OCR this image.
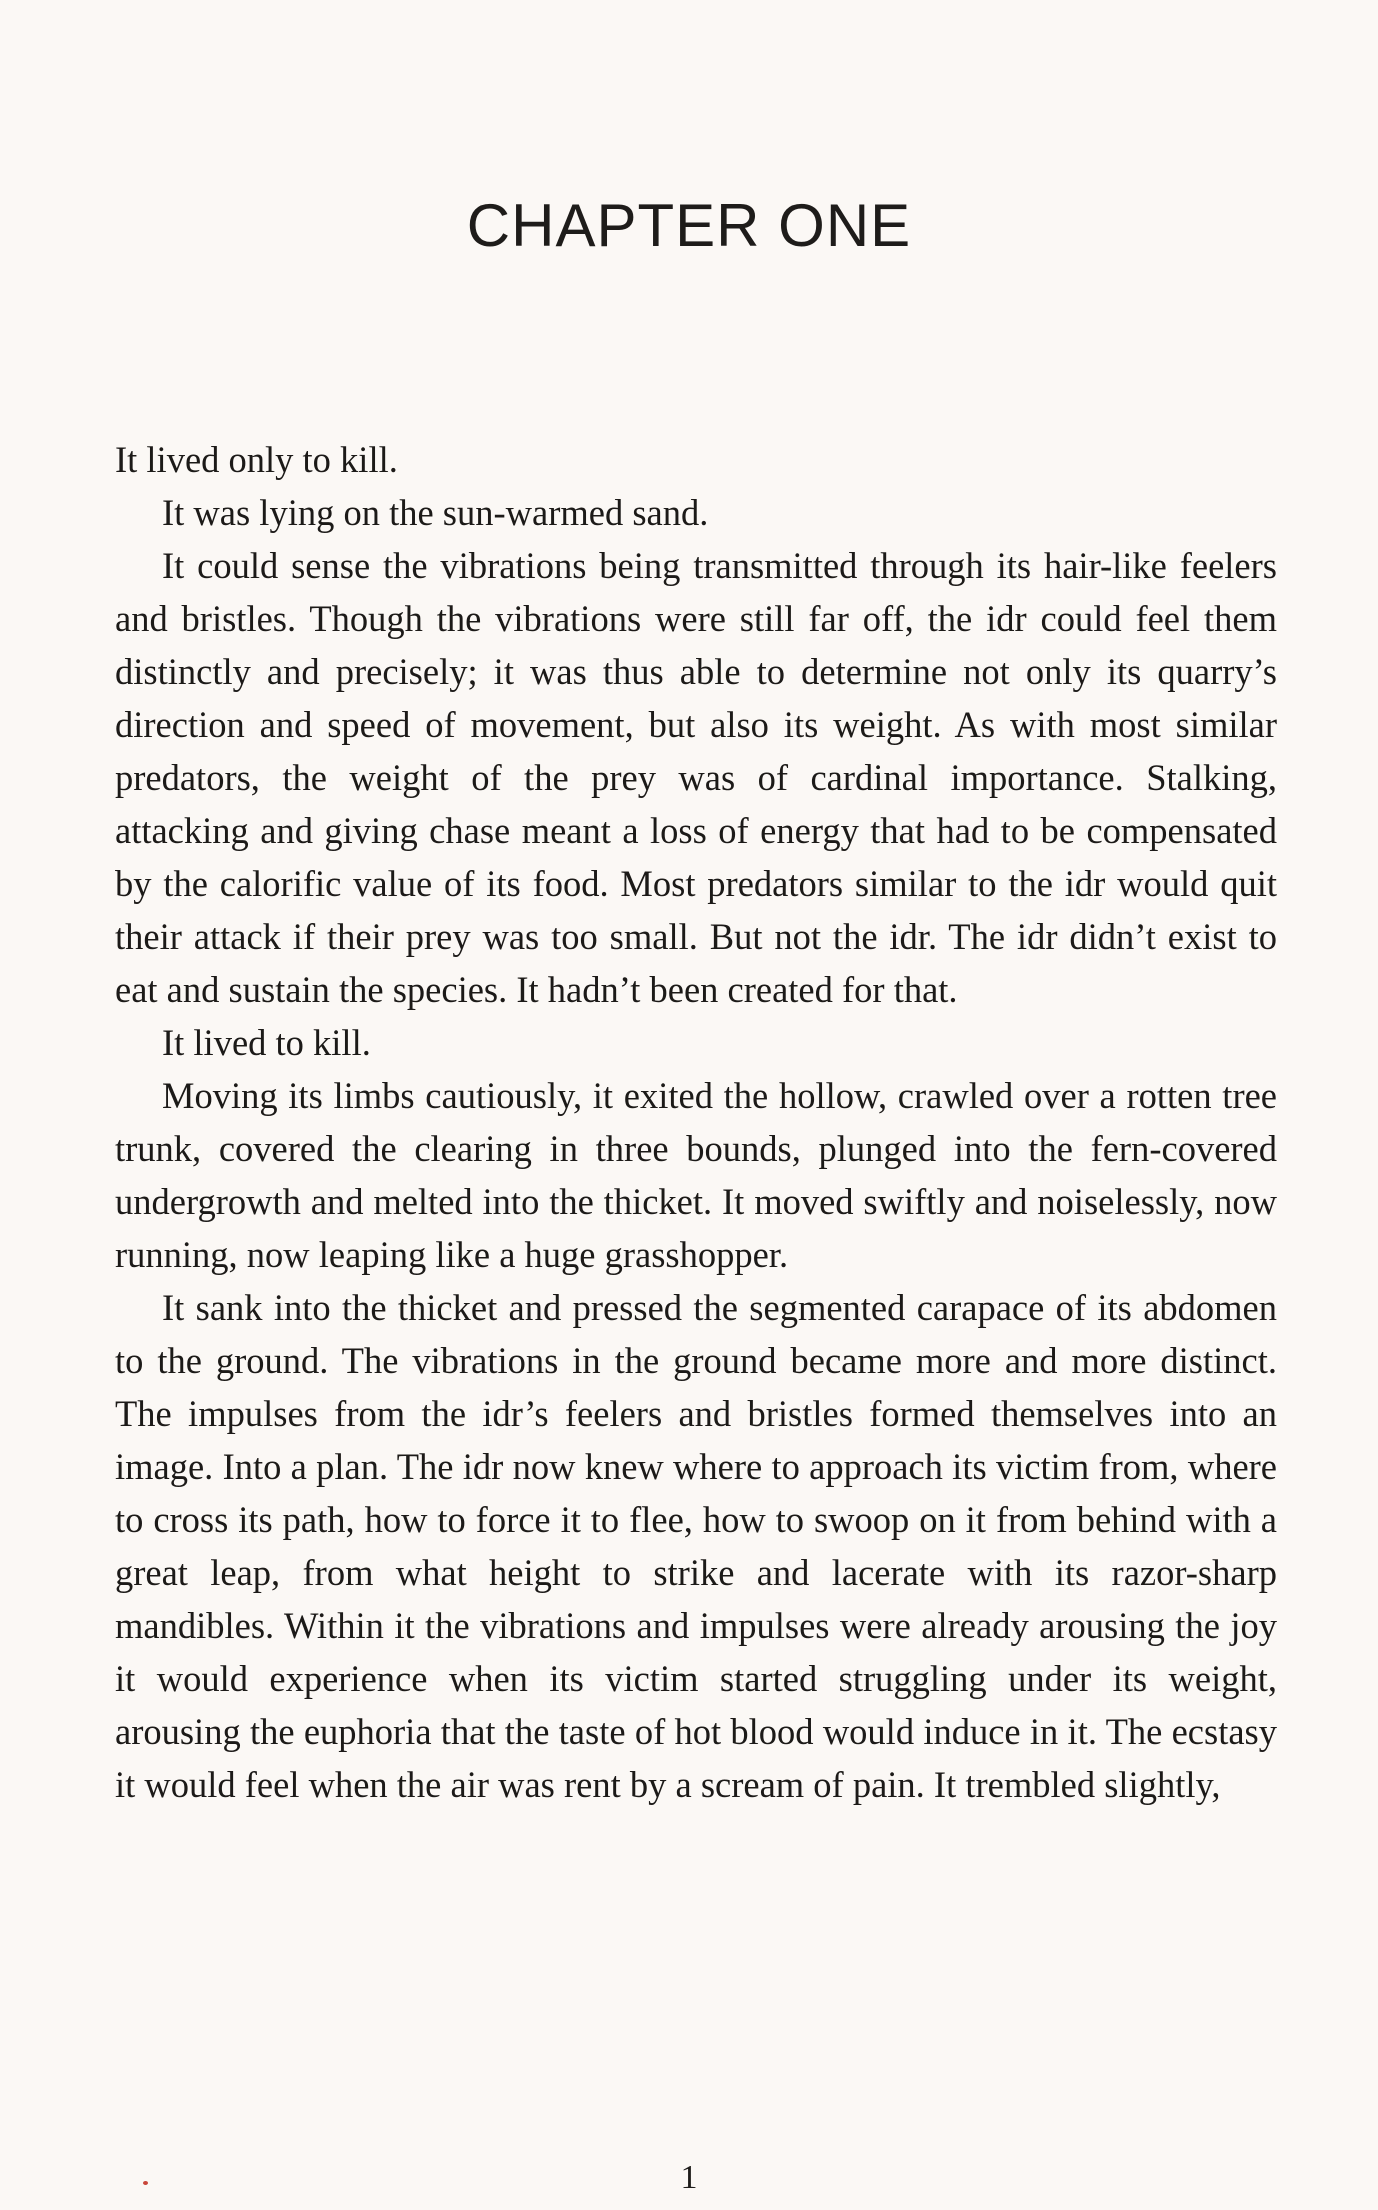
CHAPTER ONE

It lived only to kill.

It was lying on the sun-warmed sand.

It could sense the vibrations being transmitted through its hair-like feelers and bristles. Though the vibrations were still far off, the idr could feel them distinctly and precisely; it was thus able to determine not only its quarry’s direction and speed of movement, but also its weight. As with most similar predators, the weight of the prey was of cardinal importance. Stalking, attacking and giving chase meant a loss of energy that had to be compensated by the calorific value of its food. Most predators similar to the idr would quit their attack if their prey was too small. But not the idr. The idr didn’t exist to eat and sustain the species. It hadn’t been created for that.

It lived to kill.

Moving its limbs cautiously, it exited the hollow, crawled over a rotten tree trunk, covered the clearing in three bounds, plunged into the fern-covered undergrowth and melted into the thicket. It moved swiftly and noiselessly, now running, now leaping like a huge grasshopper.

It sank into the thicket and pressed the segmented carapace of its abdomen to the ground. The vibrations in the ground became more and more distinct. The impulses from the idr’s feelers and bristles formed themselves into an image. Into a plan. The idr now knew where to approach its victim from, where to cross its path, how to force it to flee, how to swoop on it from behind with a great leap, from what height to strike and lacerate with its razor-sharp mandibles. Within it the vibrations and impulses were already arousing the joy it would experience when its victim started struggling under its weight, arousing the euphoria that the taste of hot blood would induce in it. The ecstasy it would feel when the air was rent by a scream of pain. It trembled slightly,

1
